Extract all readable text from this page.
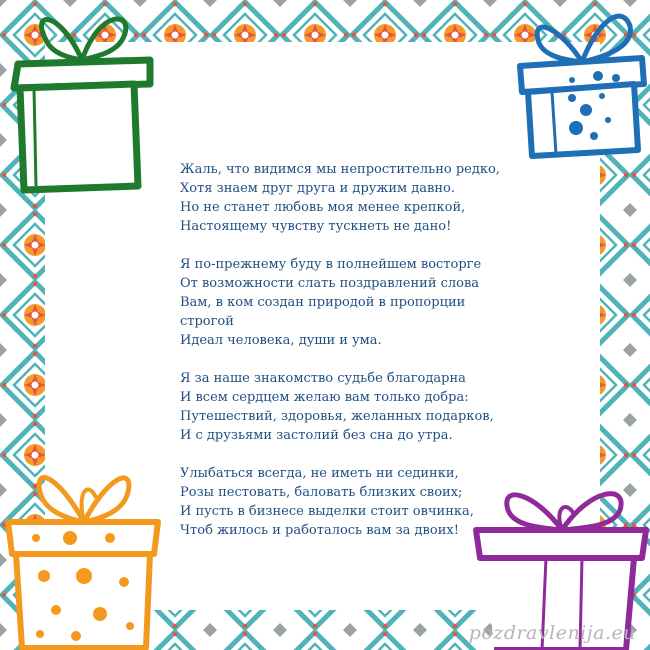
Жаль, что видимся мы непростительно редко,
Хотя знаем друг друга и дружим давно.
Но не станет любовь моя менее крепкой,
Настоящему чувству тускнеть не дано!
Я по-прежнему буду в полнейшем восторге
От возможности слать поздравлений слова
Вам, в ком создан природой в пропорции
строгой
Идеал человека, души и ума.
Я за наше знакомство судьбе благодарна
И всем сердцем желаю вам только добра:
Путешествий, здоровья, желанных подарков,
И с друзьями застолий без сна до утра.
Улыбаться всегда, не иметь ни сединки,
Розы пестовать, баловать близких своих;
И пусть в бизнесе выделки стоит овчинка,
Чтоб жилось и работалось вам за двоих!
pozdravlenija.eu
